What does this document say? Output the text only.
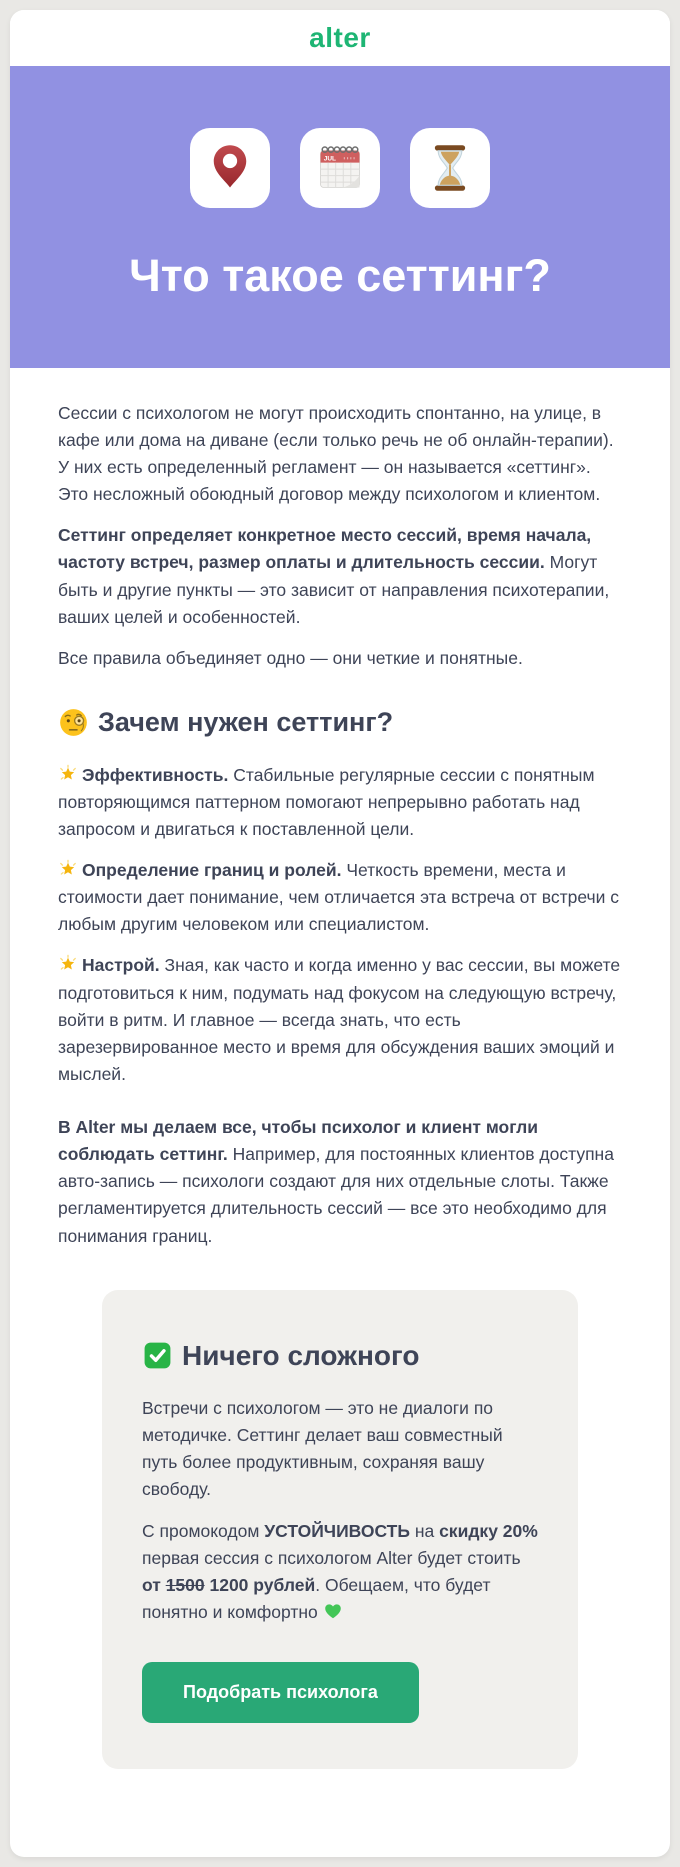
alter
JUL
Что такое сеттинг?

Сессии с психологом не могут происходить спонтанно, на улице, в кафе или дома на диване (если только речь не об онлайн-терапии). У них есть определенный регламент — он называется «сеттинг». Это несложный обоюдный договор между психологом и клиентом.

Сеттинг определяет конкретное место сессий, время начала, частоту встреч, размер оплаты и длительность сессии. Могут быть и другие пункты — это зависит от направления психотерапии, ваших целей и особенностей.

Все правила объединяет одно — они четкие и понятные.

Зачем нужен сеттинг?

Эффективность. Стабильные регулярные сессии с понятным повторяющимся паттерном помогают непрерывно работать над запросом и двигаться к поставленной цели.

Определение границ и ролей. Четкость времени, места и стоимости дает понимание, чем отличается эта встреча от встречи с любым другим человеком или специалистом.

Настрой. Зная, как часто и когда именно у вас сессии, вы можете подготовиться к ним, подумать над фокусом на следующую встречу, войти в ритм. И главное — всегда знать, что есть зарезервированное место и время для обсуждения ваших эмоций и мыслей.

В Alter мы делаем все, чтобы психолог и клиент могли соблюдать сеттинг. Например, для постоянных клиентов доступна авто-запись — психологи создают для них отдельные слоты. Также регламентируется длительность сессий — все это необходимо для понимания границ.

Ничего сложного

Встречи с психологом — это не диалоги по методичке. Сеттинг делает ваш совместный путь более продуктивным, сохраняя вашу свободу.

С промокодом УСТОЙЧИВОСТЬ на скидку 20% первая сессия с психологом Alter будет стоить от 1500 1200 рублей. Обещаем, что будет понятно и комфортно

Подобрать психолога
